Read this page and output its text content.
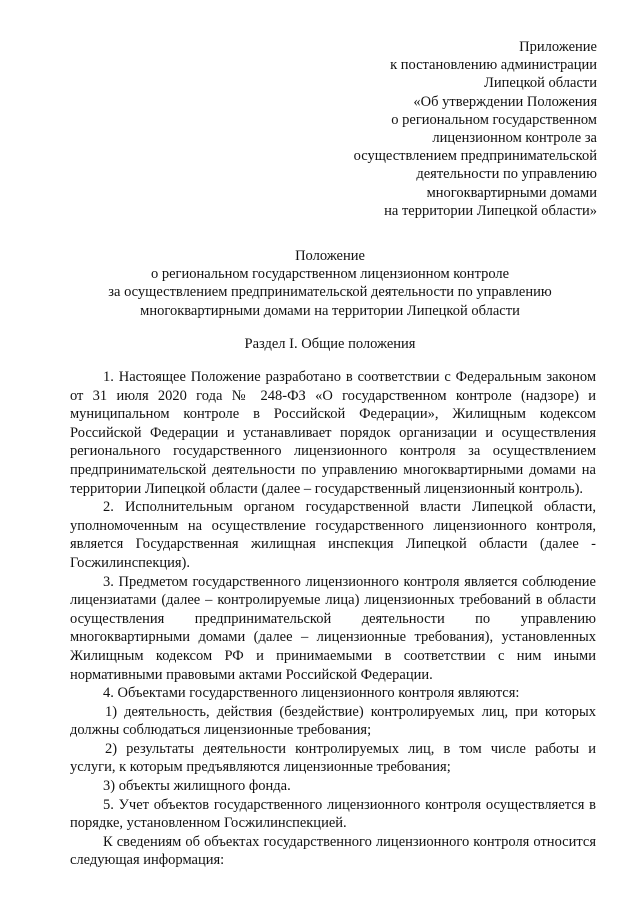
Приложение
к постановлению администрации
Липецкой области
«Об утверждении Положения
о региональном государственном
лицензионном контроле за
осуществлением предпринимательской
деятельности по управлению
многоквартирными домами
на территории Липецкой области»
Положение
о региональном государственном лицензионном контроле
за осуществлением предпринимательской деятельности по управлению
многоквартирными домами на территории Липецкой области
Раздел I. Общие положения

1. Настоящее Положение разработано в соответствии с Федеральным законом от 31 июля 2020 года № 248-ФЗ «О государственном контроле (надзоре) и муниципальном контроле в Российской Федерации», Жилищным кодексом Российской Федерации и устанавливает порядок организации и осуществления регионального государственного лицензионного контроля за осуществлением предпринимательской деятельности по управлению многоквартирными домами на территории Липецкой области (далее – государственный лицензионный контроль).

2. Исполнительным органом государственной власти Липецкой области, уполномоченным на осуществление государственного лицензионного контроля, является Государственная жилищная инспекция Липецкой области (далее - Госжилинспекция).

3. Предметом государственного лицензионного контроля является соблюдение лицензиатами (далее – контролируемые лица) лицензионных требований в области осуществления предпринимательской деятельности по управлению многоквартирными домами (далее – лицензионные требования), установленных Жилищным кодексом РФ и принимаемыми в соответствии с ним иными нормативными правовыми актами Российской Федерации.

4. Объектами государственного лицензионного контроля являются:

1) деятельность, действия (бездействие) контролируемых лиц, при которых должны соблюдаться лицензионные требования;

2) результаты деятельности контролируемых лиц, в том числе работы и услуги, к которым предъявляются лицензионные требования;

3) объекты жилищного фонда.

5. Учет объектов государственного лицензионного контроля осуществляется в порядке, установленном Госжилинспекцией.

К сведениям об объектах государственного лицензионного контроля относится следующая информация:
